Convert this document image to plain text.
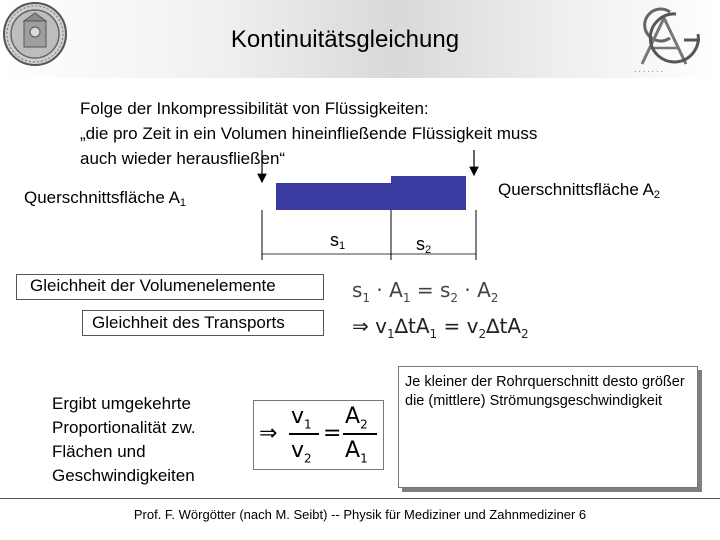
Kontinuitätsgleichung
· · · · · · ·
Folge der Inkompressibilität von Flüssigkeiten:
„die pro Zeit in ein Volumen hineinfließende Flüssigkeit muss
auch wieder herausfließen“
Querschnittsfläche $A_1$
Querschnittsfläche $A_2$
$s_1$	$s_2$
Gleichheit der Volumenelemente	$s_1 \cdot A_1 = s_2 \cdot A_2$
Gleichheit des Transports	⇒ $v_1\Delta tA_1 = v_2\Delta tA_2$
Ergibt umgekehrte
Proportionalität zw.
Flächen und
Geschwindigkeiten
⇒
$v_1$
$v_2$
=
$A_2$
$A_1$
Je kleiner der Rohrquerschnitt desto größer die (mittlere) Strömungsgeschwindigkeit
Prof. F. Wörgötter (nach M. Seibt) -- Physik für Mediziner und Zahnmediziner 6
